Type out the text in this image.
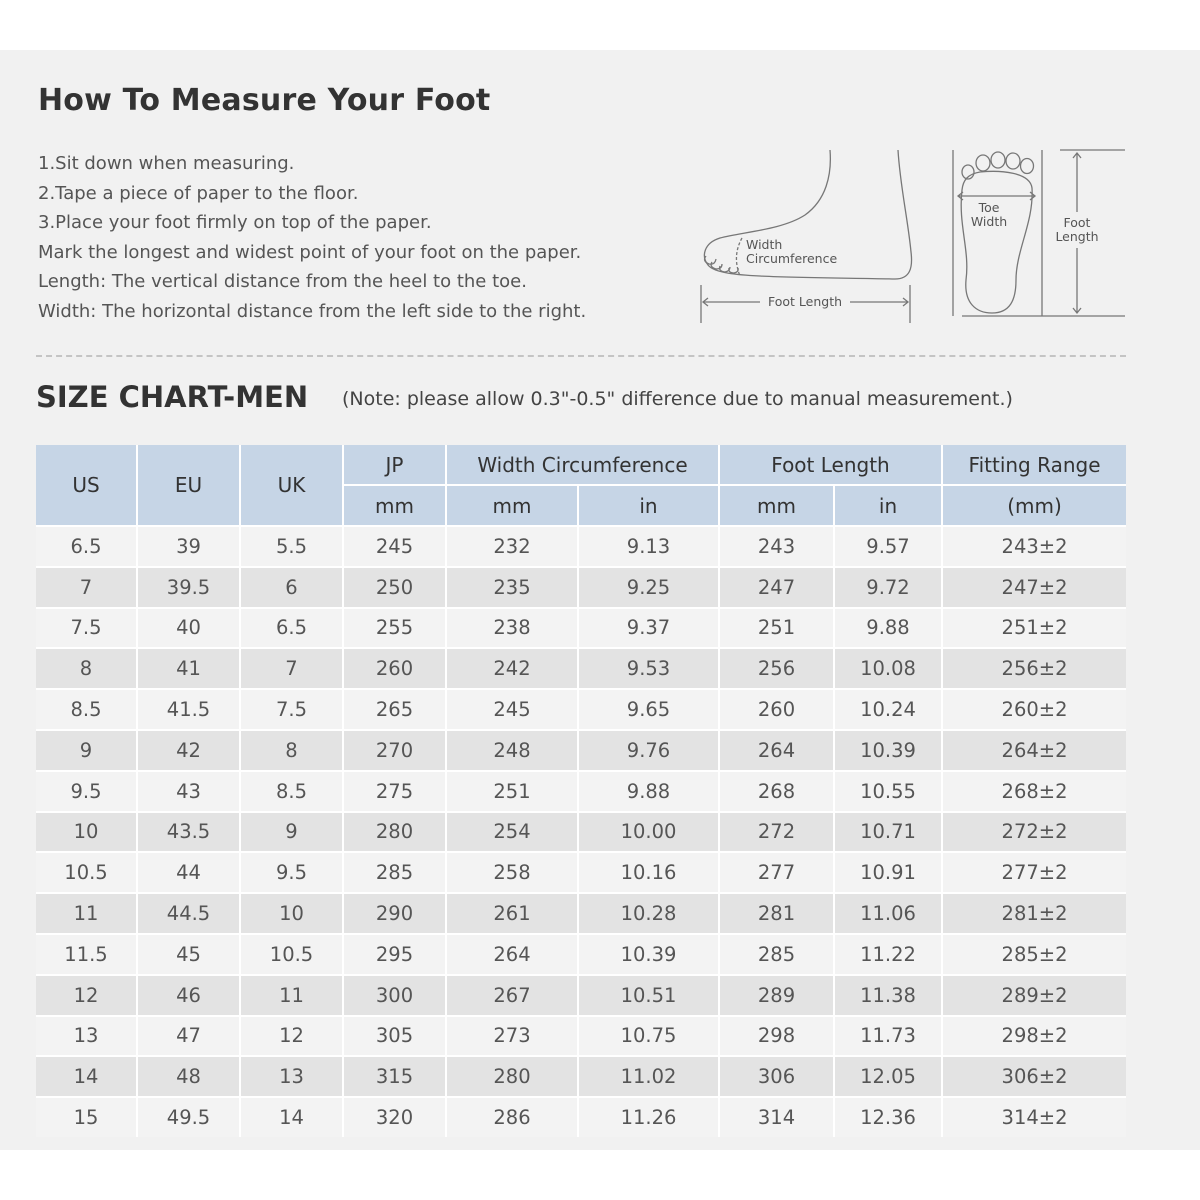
How To Measure Your Foot
1.Sit down when measuring.
2.Tape a piece of paper to the floor.
3.Place your foot firmly on top of the paper.
Mark the longest and widest point of your foot on the paper.
Length: The vertical distance from the heel to the toe.
Width: The horizontal distance from the left side to the right.
Width
Circumference
Foot Length
Toe
Width	Foot
Length
SIZE CHART-MEN (Note: please allow 0.3"-0.5" difference due to manual measurement.)
US	EU	UK	JP	Width Circumference		Foot Length		Fitting Range
			mm	mm	in	mm	in	(mm)
6.5	39	5.5	245	232	9.13	243	9.57	243±2
7	39.5	6	250	235	9.25	247	9.72	247±2
7.5	40	6.5	255	238	9.37	251	9.88	251±2
8	41	7	260	242	9.53	256	10.08	256±2
8.5	41.5	7.5	265	245	9.65	260	10.24	260±2
9	42	8	270	248	9.76	264	10.39	264±2
9.5	43	8.5	275	251	9.88	268	10.55	268±2
10	43.5	9	280	254	10.00	272	10.71	272±2
10.5	44	9.5	285	258	10.16	277	10.91	277±2
11	44.5	10	290	261	10.28	281	11.06	281±2
11.5	45	10.5	295	264	10.39	285	11.22	285±2
12	46	11	300	267	10.51	289	11.38	289±2
13	47	12	305	273	10.75	298	11.73	298±2
14	48	13	315	280	11.02	306	12.05	306±2
15	49.5	14	320	286	11.26	314	12.36	314±2
